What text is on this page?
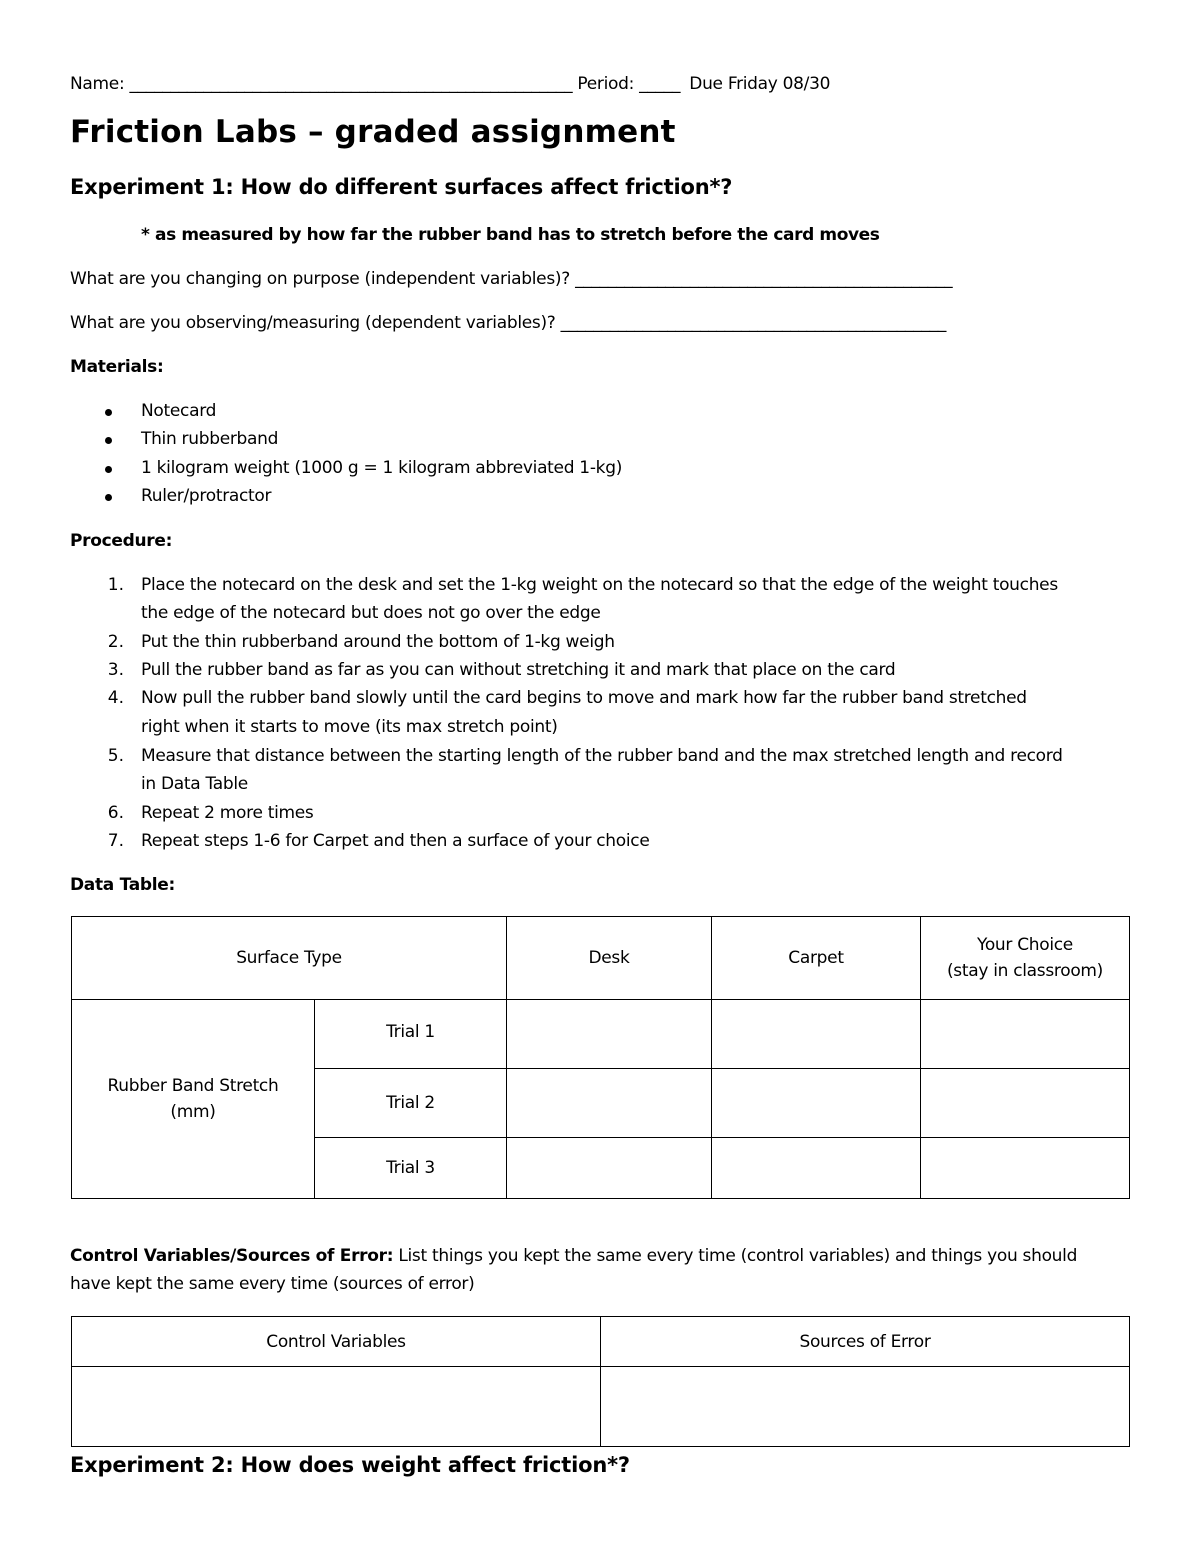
Name: ______________________________________________________ Period: _____ Due Friday 08/30
Friction Labs – graded assignment
Experiment 1: How do different surfaces affect friction*?
* as measured by how far the rubber band has to stretch before the card moves
What are you changing on purpose (independent variables)? ______________________________________________
What are you observing/measuring (dependent variables)? _______________________________________________
Materials:
Notecard
Thin rubberband
1 kilogram weight (1000 g = 1 kilogram abbreviated 1-kg)
Ruler/protractor
Procedure:
1. Place the notecard on the desk and set the 1-kg weight on the notecard so that the edge of the weight touches
the edge of the notecard but does not go over the edge
2. Put the thin rubberband around the bottom of 1-kg weigh
3. Pull the rubber band as far as you can without stretching it and mark that place on the card
4. Now pull the rubber band slowly until the card begins to move and mark how far the rubber band stretched
right when it starts to move (its max stretch point)
5. Measure that distance between the starting length of the rubber band and the max stretched length and record
in Data Table
6. Repeat 2 more times
7. Repeat steps 1-6 for Carpet and then a surface of your choice
Data Table:
Surface Type		Desk	Carpet	Your Choice
(stay in classroom)

Rubber Band Stretch
(mm)	Trial 1			
	Trial 2			
	Trial 3			
Control Variables/Sources of Error: List things you kept the same every time (control variables) and things you should
have kept the same every time (sources of error)
Control Variables	Sources of Error

Experiment 2: How does weight affect friction*?
